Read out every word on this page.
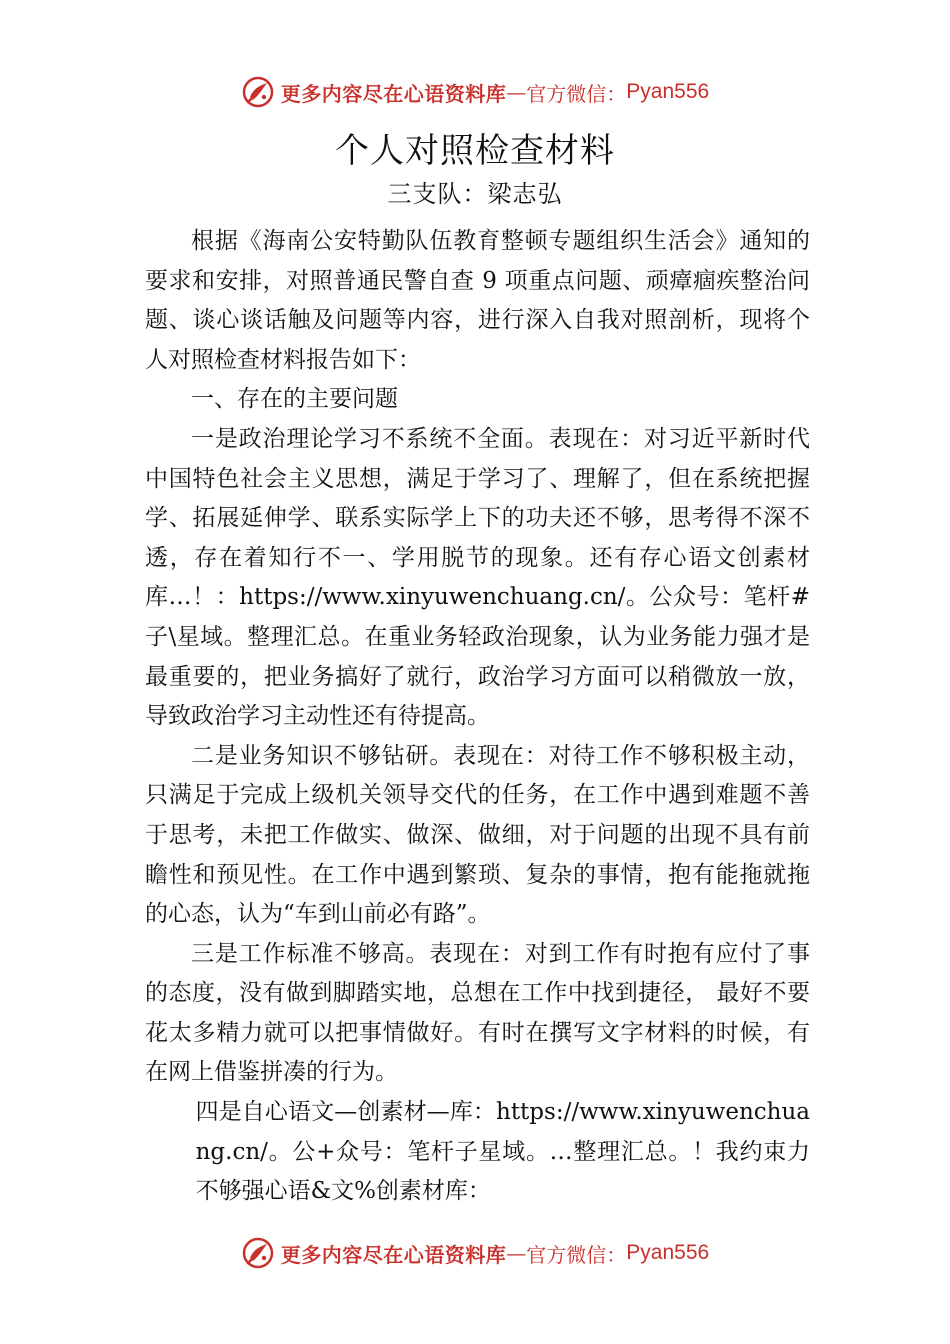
更多内容尽在心语资料库 — 官方微信： Pyan556
个人对照检查材料
三支队：梁志弘

根据《海南公安特勤队伍教育整顿专题组织生活会》通知的要求和安排，对照普通民警自查 9 项重点问题、顽瘴痼疾整治问题、谈心谈话触及问题等内容，进行深入自我对照剖析，现将个人对照检查材料报告如下：

一、存在的主要问题

一是政治理论学习不系统不全面。表现在：对习近平新时代中国特色社会主义思想，满足于学习了、理解了，但在系统把握学、拓展延伸学、联系实际学上下的功夫还不够，思考得不深不透，存在着知行不一、学用脱节的现象。还有存心语文创素材库…！：https://www.xinyuwenchuang.cn/。公众号：笔杆#子\星域。整理汇总。在重业务轻政治现象，认为业务能力强才是最重要的，把业务搞好了就行，政治学习方面可以稍微放一放，导致政治学习主动性还有待提高。

二是业务知识不够钻研。表现在：对待工作不够积极主动，只满足于完成上级机关领导交代的任务，在工作中遇到难题不善于思考，未把工作做实、做深、做细，对于问题的出现不具有前瞻性和预见性。在工作中遇到繁琐、复杂的事情，抱有能拖就拖的心态，认为“车到山前必有路”。

三是工作标准不够高。表现在：对到工作有时抱有应付了事的态度，没有做到脚踏实地，总想在工作中找到捷径， 最好不要花太多精力就可以把事情做好。有时在撰写文字材料的时候，有在网上借鉴拼凑的行为。

四是自心语文—创素材—库：https://www.xinyuwenchuang.cn/。公+众号：笔杆子星域。…整理汇总。！我约束力不够强心语&文%创素材库：

更多内容尽在心语资料库 — 官方微信： Pyan556
